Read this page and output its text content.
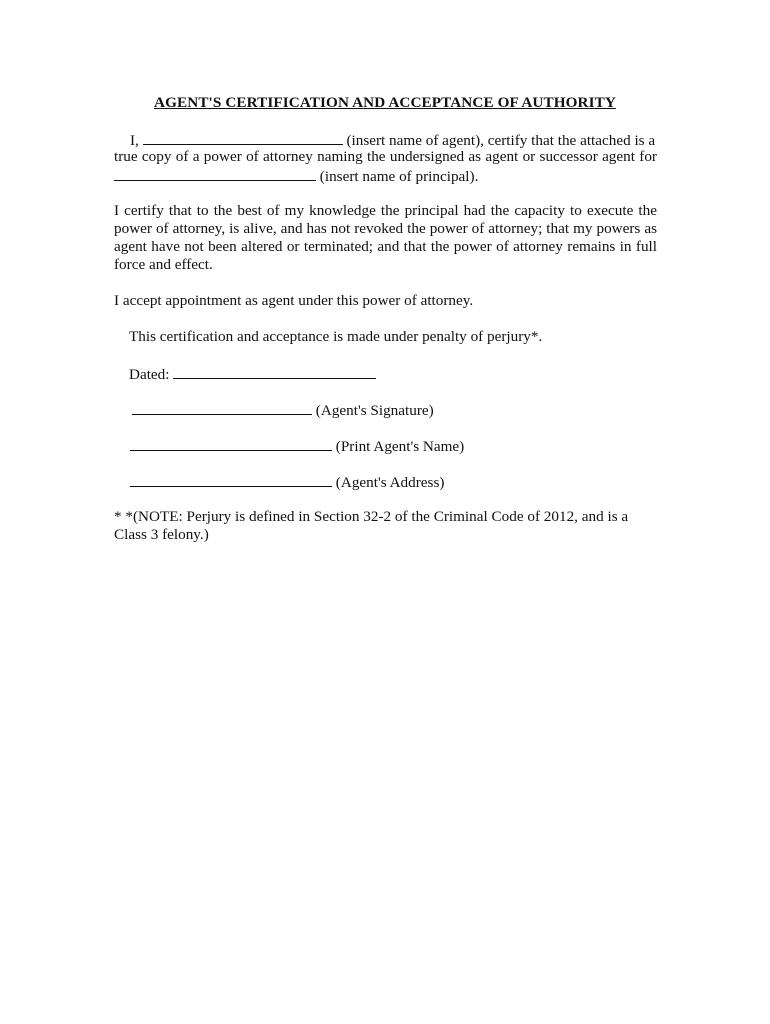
AGENT'S CERTIFICATION AND ACCEPTANCE OF AUTHORITY
I,	(insert name of agent), certify that the attached is a
true copy of a power of attorney naming the undersigned as agent or successor agent for
(insert name of principal).
I certify that to the best of my knowledge the principal had the capacity to execute the
power of attorney, is alive, and has not revoked the power of attorney; that my powers as
agent have not been altered or terminated; and that the power of attorney remains in full
force and effect.
I accept appointment as agent under this power of attorney.
This certification and acceptance is made under penalty of perjury*.
Dated:
(Agent's Signature)
(Print Agent's Name)
(Agent's Address)
* *(NOTE: Perjury is defined in Section 32-2 of the Criminal Code of 2012, and is a
Class 3 felony.)
